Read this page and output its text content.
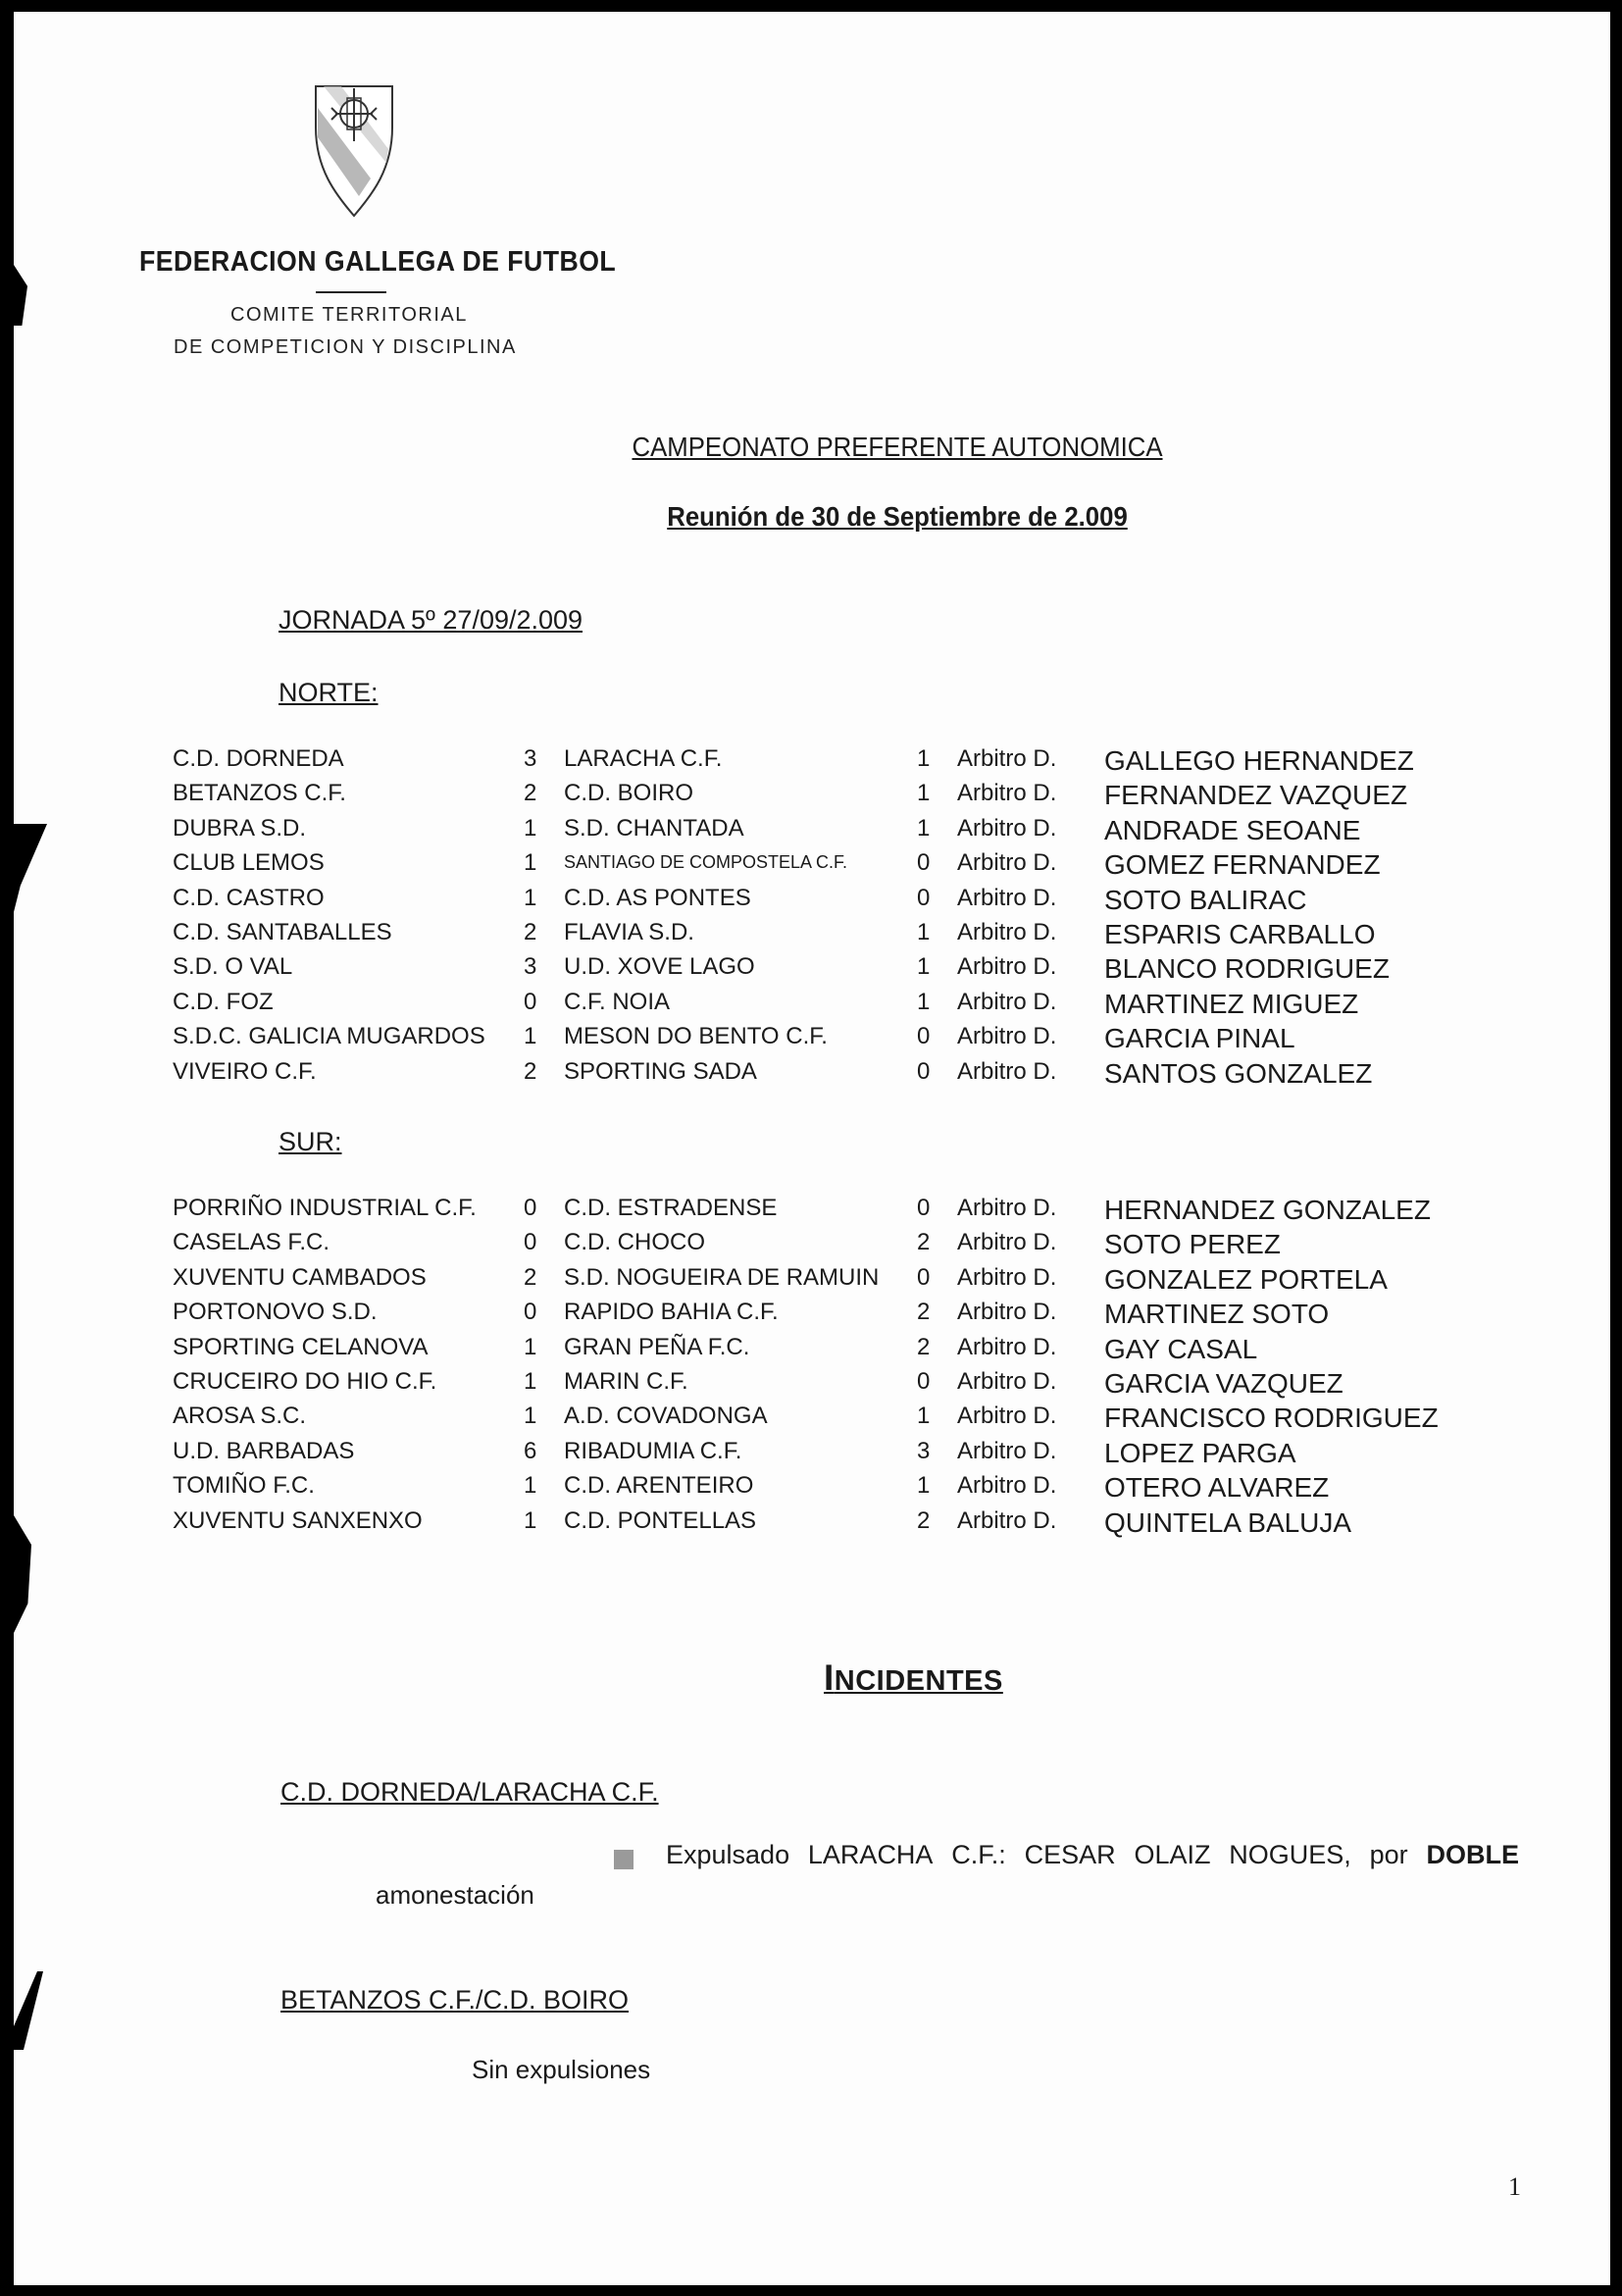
FEDERACION GALLEGA DE FUTBOL
COMITE TERRITORIAL
DE COMPETICION Y DISCIPLINA
CAMPEONATO PREFERENTE AUTONOMICA
Reunión de 30 de Septiembre de 2.009
JORNADA 5º 27/09/2.009
NORTE:
C.D. DORNEDA	3 LARACHA C.F.	1 Arbitro D. GALLEGO HERNANDEZ
BETANZOS C.F.	2 C.D. BOIRO	1 Arbitro D. FERNANDEZ VAZQUEZ
DUBRA S.D.	1 S.D. CHANTADA	1 Arbitro D. ANDRADE SEOANE
CLUB LEMOS	1 SANTIAGO DE COMPOSTELA C.F.	0 Arbitro D. GOMEZ FERNANDEZ
C.D. CASTRO	1 C.D. AS PONTES	0 Arbitro D. SOTO BALIRAC
C.D. SANTABALLES	2 FLAVIA S.D.	1 Arbitro D. ESPARIS CARBALLO
S.D. O VAL	3 U.D. XOVE LAGO	1 Arbitro D. BLANCO RODRIGUEZ
C.D. FOZ	0 C.F. NOIA	1 Arbitro D. MARTINEZ MIGUEZ
S.D.C. GALICIA MUGARDOS 1 MESON DO BENTO C.F.	0 Arbitro D. GARCIA PINAL
VIVEIRO C.F.	2 SPORTING SADA	0 Arbitro D. SANTOS GONZALEZ
SUR:
PORRIÑO INDUSTRIAL C.F. 0 C.D. ESTRADENSE	0 Arbitro D. HERNANDEZ GONZALEZ
CASELAS F.C.	0 C.D. CHOCO	2 Arbitro D. SOTO PEREZ
XUVENTU CAMBADOS	2 S.D. NOGUEIRA DE RAMUIN 0 Arbitro D. GONZALEZ PORTELA
PORTONOVO S.D.	0 RAPIDO BAHIA C.F.	2 Arbitro D. MARTINEZ SOTO
SPORTING CELANOVA	1 GRAN PEÑA F.C.	2 Arbitro D. GAY CASAL
CRUCEIRO DO HIO C.F.	1 MARIN C.F.	0 Arbitro D. GARCIA VAZQUEZ
AROSA S.C.	1 A.D. COVADONGA	1 Arbitro D. FRANCISCO RODRIGUEZ
U.D. BARBADAS	6 RIBADUMIA C.F.	3 Arbitro D. LOPEZ PARGA
TOMIÑO F.C.	1 C.D. ARENTEIRO	1 Arbitro D. OTERO ALVAREZ
XUVENTU SANXENXO	1 C.D. PONTELLAS	2 Arbitro D. QUINTELA BALUJA
INCIDENTES
C.D. DORNEDA/LARACHA C.F.
Expulsado LARACHA C.F.: CESAR OLAIZ NOGUES, por DOBLE
amonestación
BETANZOS C.F./C.D. BOIRO
Sin expulsiones
1
